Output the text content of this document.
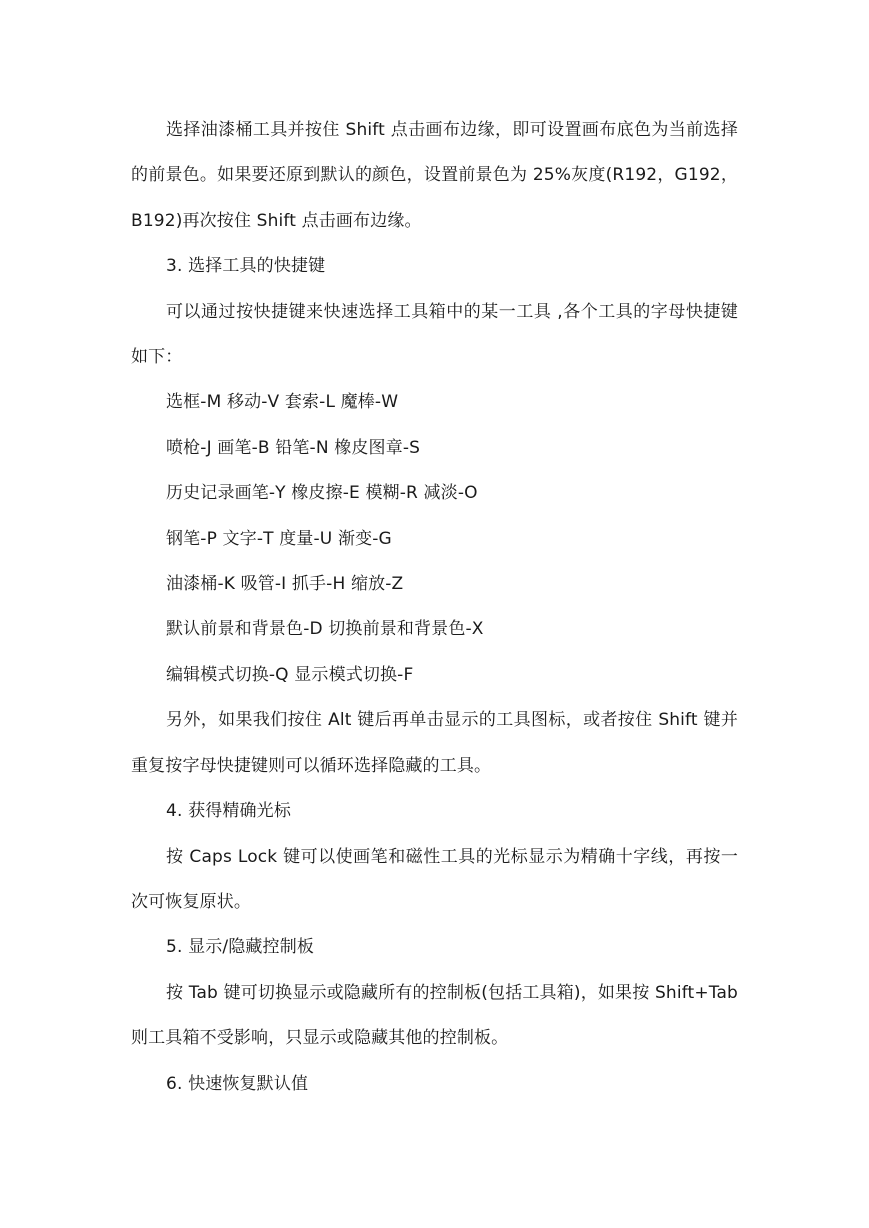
选择油漆桶工具并按住 Shift 点击画布边缘，即可设置画布底色为当前选择的前景色。如果要还原到默认的颜色，设置前景色为 25%灰度(R192，G192，B192)再次按住 Shift 点击画布边缘。

3. 选择工具的快捷键

可以通过按快捷键来快速选择工具箱中的某一工具 ,各个工具的字母快捷键如下：

选框-M 移动-V 套索-L 魔棒-W

喷枪-J 画笔-B 铅笔-N 橡皮图章-S

历史记录画笔-Y 橡皮擦-E 模糊-R 减淡-O

钢笔-P 文字-T 度量-U 渐变-G

油漆桶-K 吸管-I 抓手-H 缩放-Z

默认前景和背景色-D 切换前景和背景色-X

编辑模式切换-Q 显示模式切换-F

另外，如果我们按住 Alt 键后再单击显示的工具图标，或者按住 Shift 键并重复按字母快捷键则可以循环选择隐藏的工具。

4. 获得精确光标

按 Caps Lock 键可以使画笔和磁性工具的光标显示为精确十字线，再按一次可恢复原状。

5. 显示/隐藏控制板

按 Tab 键可切换显示或隐藏所有的控制板(包括工具箱)，如果按 Shift+Tab 则工具箱不受影响，只显示或隐藏其他的控制板。

6. 快速恢复默认值
